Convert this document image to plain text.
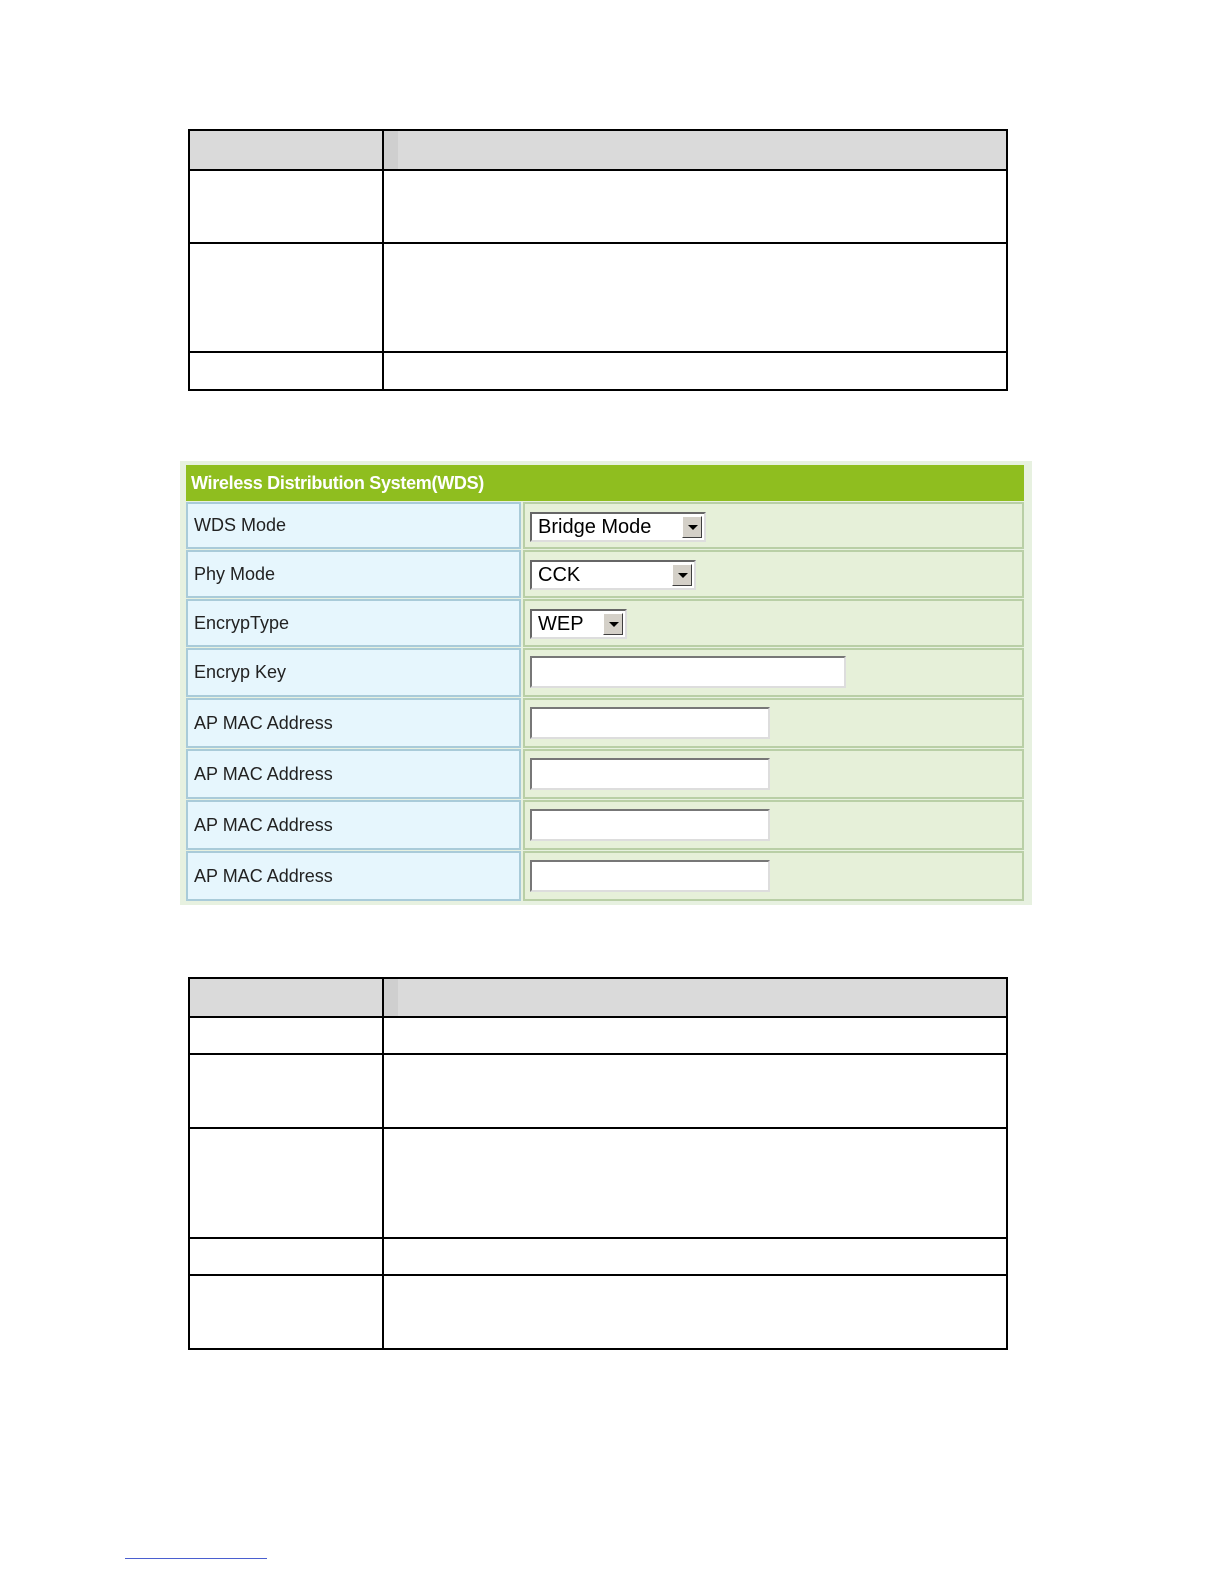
Wireless Distribution System(WDS)
WDS Mode	Bridge Mode
Phy Mode	CCK
EncrypType	WEP
Encryp Key
AP MAC Address
AP MAC Address
AP MAC Address
AP MAC Address
